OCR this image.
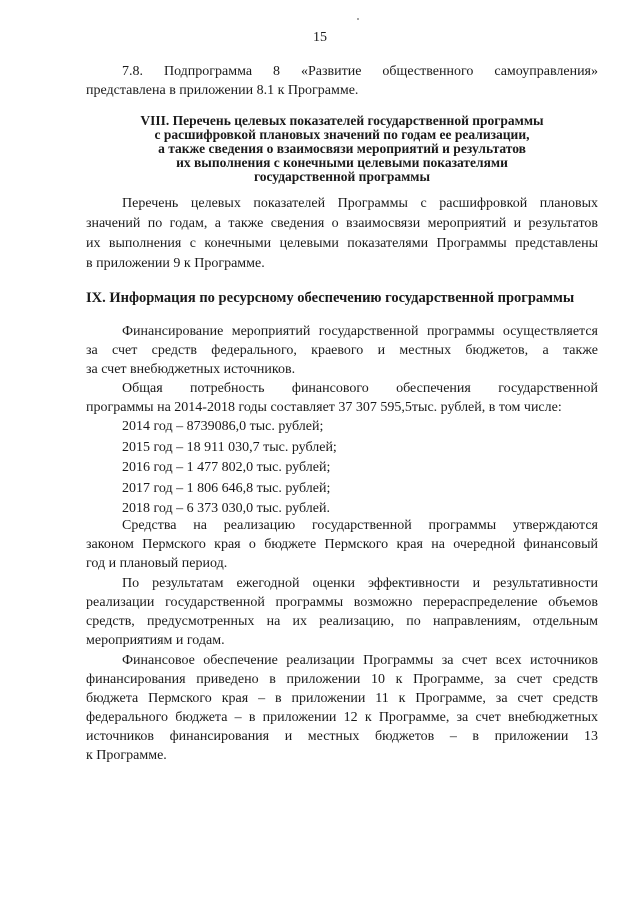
15
7.8. Подпрограмма 8 «Развитие общественного самоуправления»
представлена в приложении 8.1 к Программе.
VIII. Перечень целевых показателей государственной программы
с расшифровкой плановых значений по годам ее реализации,
а также сведения о взаимосвязи мероприятий и результатов
их выполнения с конечными целевыми показателями
государственной программы
Перечень целевых показателей Программы с расшифровкой плановых
значений по годам, а также сведения о взаимосвязи мероприятий и результатов
их выполнения с конечными целевыми показателями Программы представлены
в приложении 9 к Программе.
IX. Информация по ресурсному обеспечению государственной программы
Финансирование мероприятий государственной программы осуществляется
за счет средств федерального, краевого и местных бюджетов, а также
за счет внебюджетных источников.
Общая потребность финансового обеспечения государственной
программы на 2014-2018 годы составляет 37 307 595,5тыс. рублей, в том числе:
2014 год – 8739086,0 тыс. рублей;
2015 год – 18 911 030,7 тыс. рублей;
2016 год – 1 477 802,0 тыс. рублей;
2017 год – 1 806 646,8 тыс. рублей;
2018 год – 6 373 030,0 тыс. рублей.
Средства на реализацию государственной программы утверждаются
законом Пермского края о бюджете Пермского края на очередной финансовый
год и плановый период.
По результатам ежегодной оценки эффективности и результативности
реализации государственной программы возможно перераспределение объемов
средств, предусмотренных на их реализацию, по направлениям, отдельным
мероприятиям и годам.
Финансовое обеспечение реализации Программы за счет всех источников
финансирования приведено в приложении 10 к Программе, за счет средств
бюджета Пермского края – в приложении 11 к Программе, за счет средств
федерального бюджета – в приложении 12 к Программе, за счет внебюджетных
источников финансирования и местных бюджетов – в приложении 13
к Программе.
